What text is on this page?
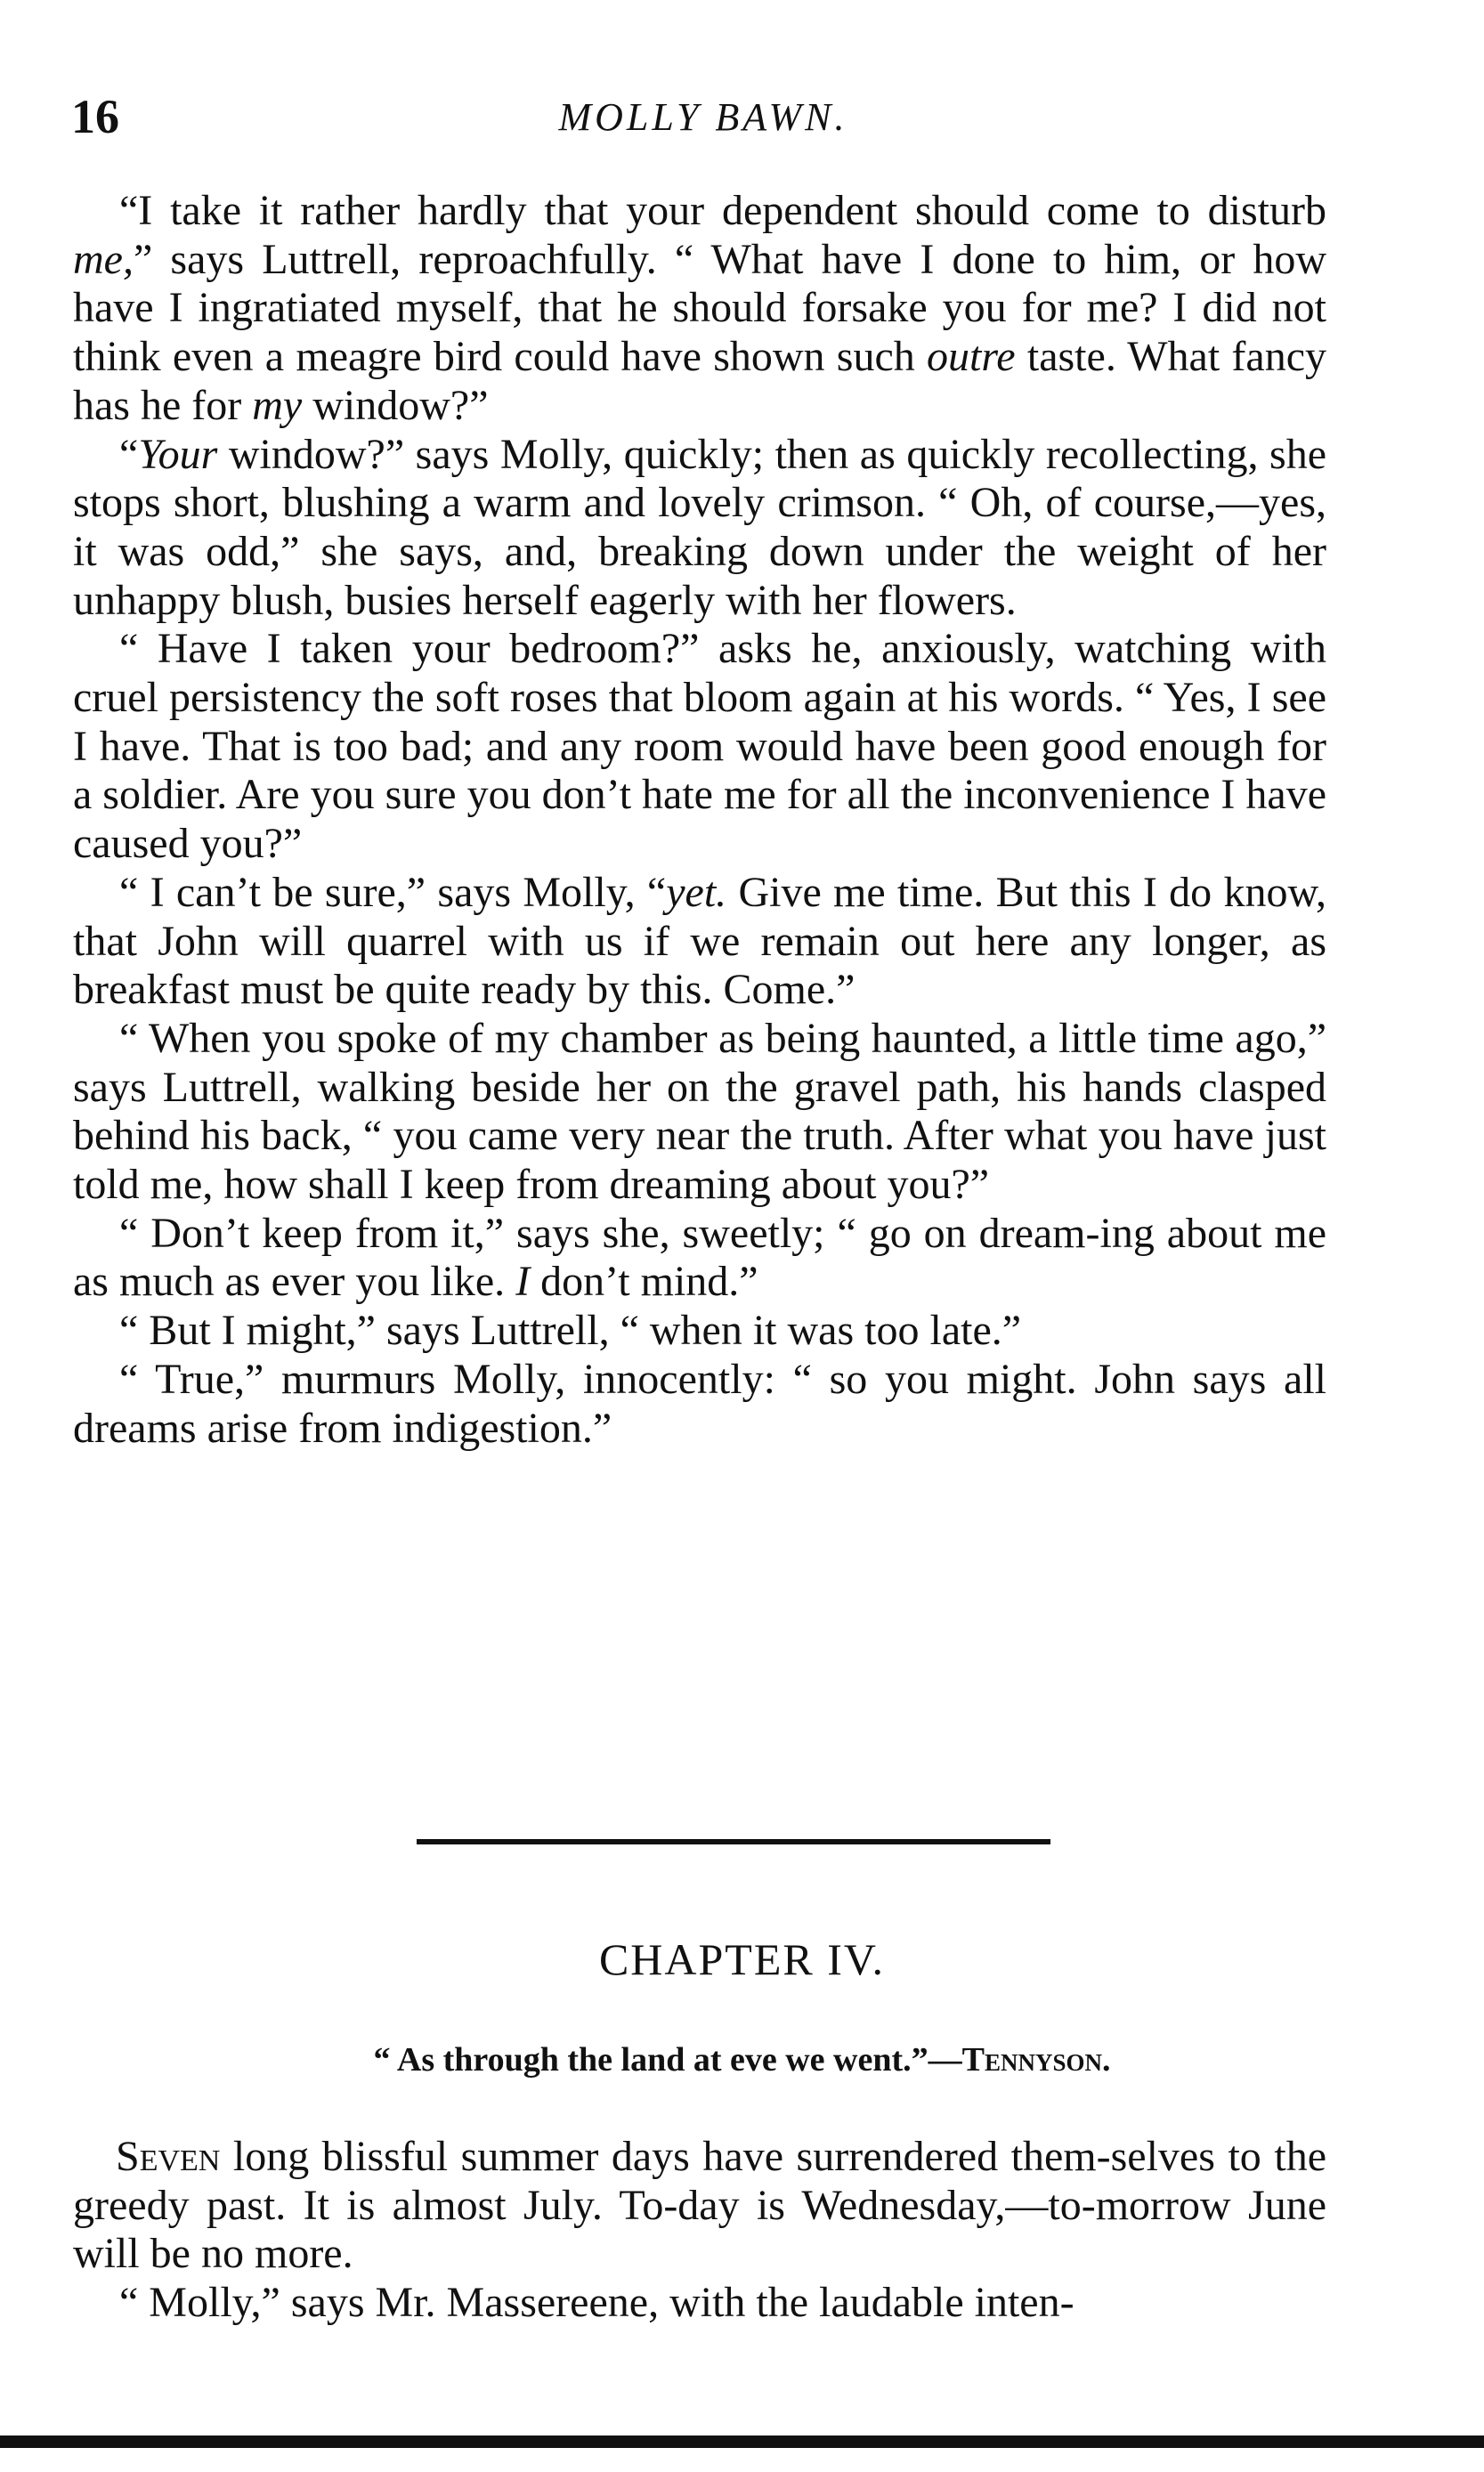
16	MOLLY BAWN.

“I take it rather hardly that your dependent should come to disturb me,” says Luttrell, reproachfully. “ What have I done to him, or how have I ingratiated myself, that he should forsake you for me? I did not think even a meagre bird could have shown such outre taste. What fancy has he for my window?”

“Your window?” says Molly, quickly; then as quickly recollecting, she stops short, blushing a warm and lovely crimson. “ Oh, of course,—yes, it was odd,” she says, and, breaking down under the weight of her unhappy blush, busies herself eagerly with her flowers.

“ Have I taken your bedroom?” asks he, anxiously, watching with cruel persistency the soft roses that bloom again at his words. “ Yes, I see I have. That is too bad; and any room would have been good enough for a soldier. Are you sure you don’t hate me for all the inconvenience I have caused you?”

“ I can’t be sure,” says Molly, “yet. Give me time. But this I do know, that John will quarrel with us if we remain out here any longer, as breakfast must be quite ready by this. Come.”

“ When you spoke of my chamber as being haunted, a little time ago,” says Luttrell, walking beside her on the gravel path, his hands clasped behind his back, “ you came very near the truth. After what you have just told me, how shall I keep from dreaming about you?”

“ Don’t keep from it,” says she, sweetly; “ go on dream-ing about me as much as ever you like. I don’t mind.”

“ But I might,” says Luttrell, “ when it was too late.”

“ True,” murmurs Molly, innocently: “ so you might. John says all dreams arise from indigestion.”

CHAPTER IV.
“ As through the land at eve we went.”—Tennyson.

Seven long blissful summer days have surrendered them-selves to the greedy past. It is almost July. To-day is Wednesday,—to-morrow June will be no more.

“ Molly,” says Mr. Massereene, with the laudable inten-
